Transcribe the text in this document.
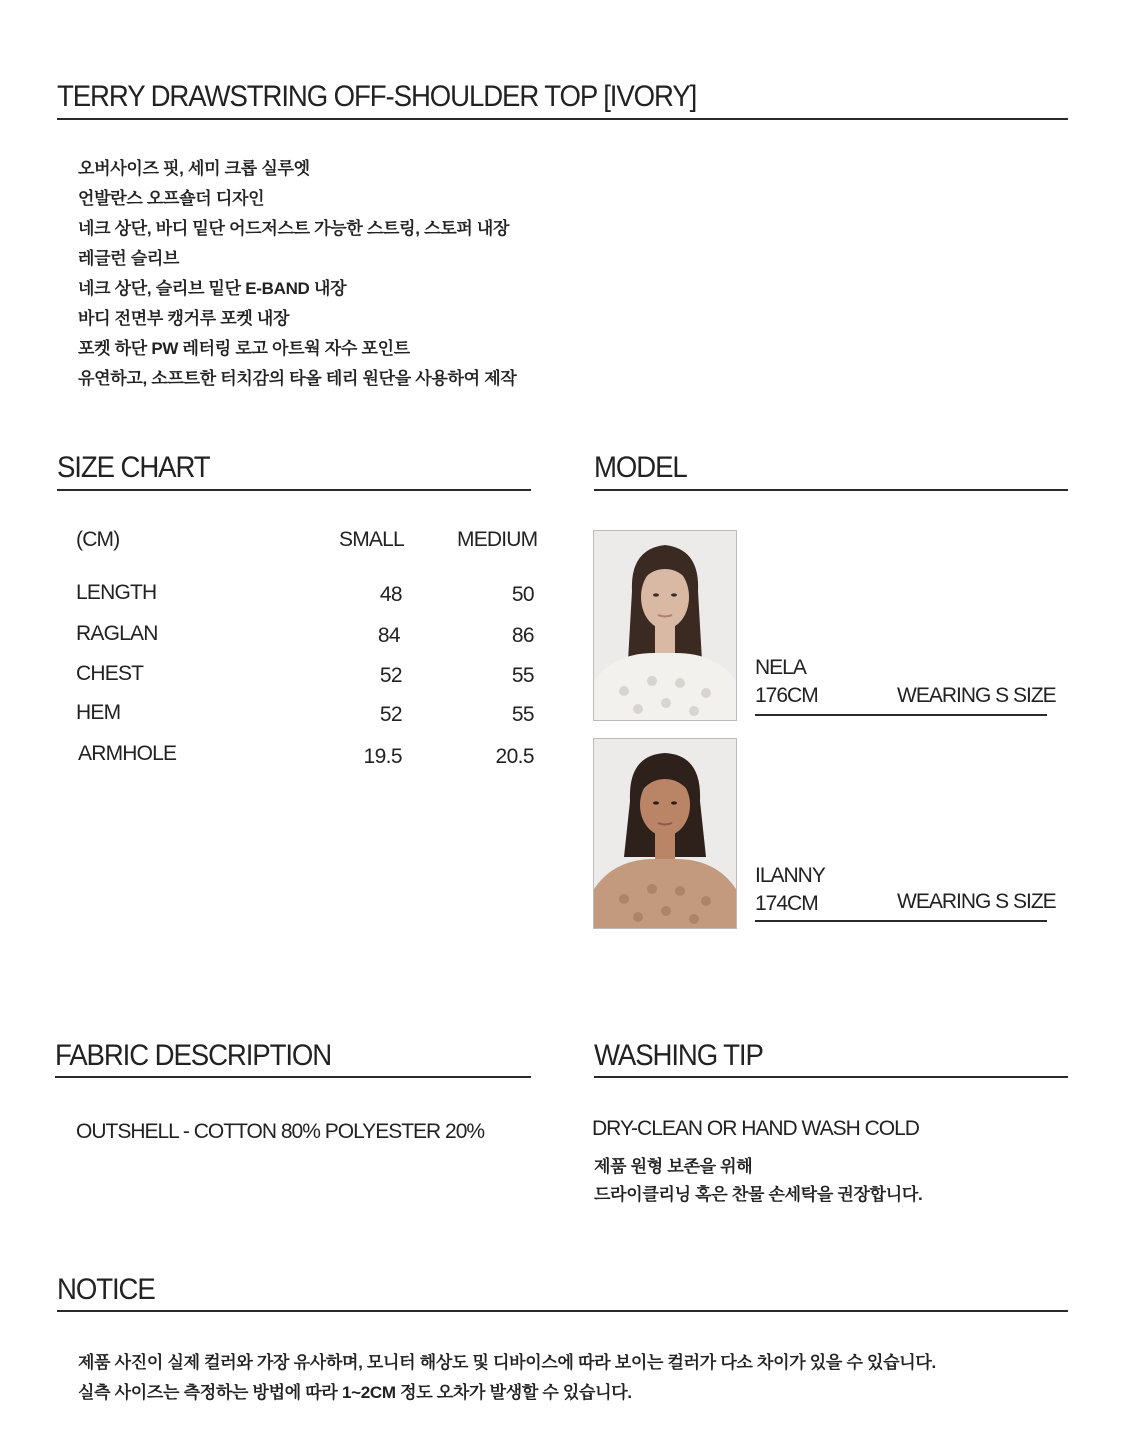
TERRY DRAWSTRING OFF-SHOULDER TOP [IVORY]
오버사이즈 핏, 세미 크롭 실루엣
언발란스 오프숄더 디자인
네크 상단, 바디 밑단 어드저스트 가능한 스트링, 스토퍼 내장
레글런 슬리브
네크 상단, 슬리브 밑단 E-BAND 내장
바디 전면부 캥거루 포켓 내장
포켓 하단 PW 레터링 로고 아트웍 자수 포인트
유연하고, 소프트한 터치감의 타올 테리 원단을 사용하여 제작
SIZE CHART
(CM)	SMALL	MEDIUM
LENGTH	48	50
RAGLAN	84	86
CHEST	52	55
HEM	52	55
ARMHOLE	19.5	20.5
MODEL
NELA
176CM	WEARING S SIZE
ILANNY
174CM	WEARING S SIZE
FABRIC DESCRIPTION
OUTSHELL - COTTON 80% POLYESTER 20%
WASHING TIP
DRY-CLEAN OR HAND WASH COLD
제품 원형 보존을 위해
드라이클리닝 혹은 찬물 손세탁을 권장합니다.
NOTICE
제품 사진이 실제 컬러와 가장 유사하며, 모니터 해상도 및 디바이스에 따라 보이는 컬러가 다소 차이가 있을 수 있습니다.
실측 사이즈는 측정하는 방법에 따라 1~2CM 정도 오차가 발생할 수 있습니다.
